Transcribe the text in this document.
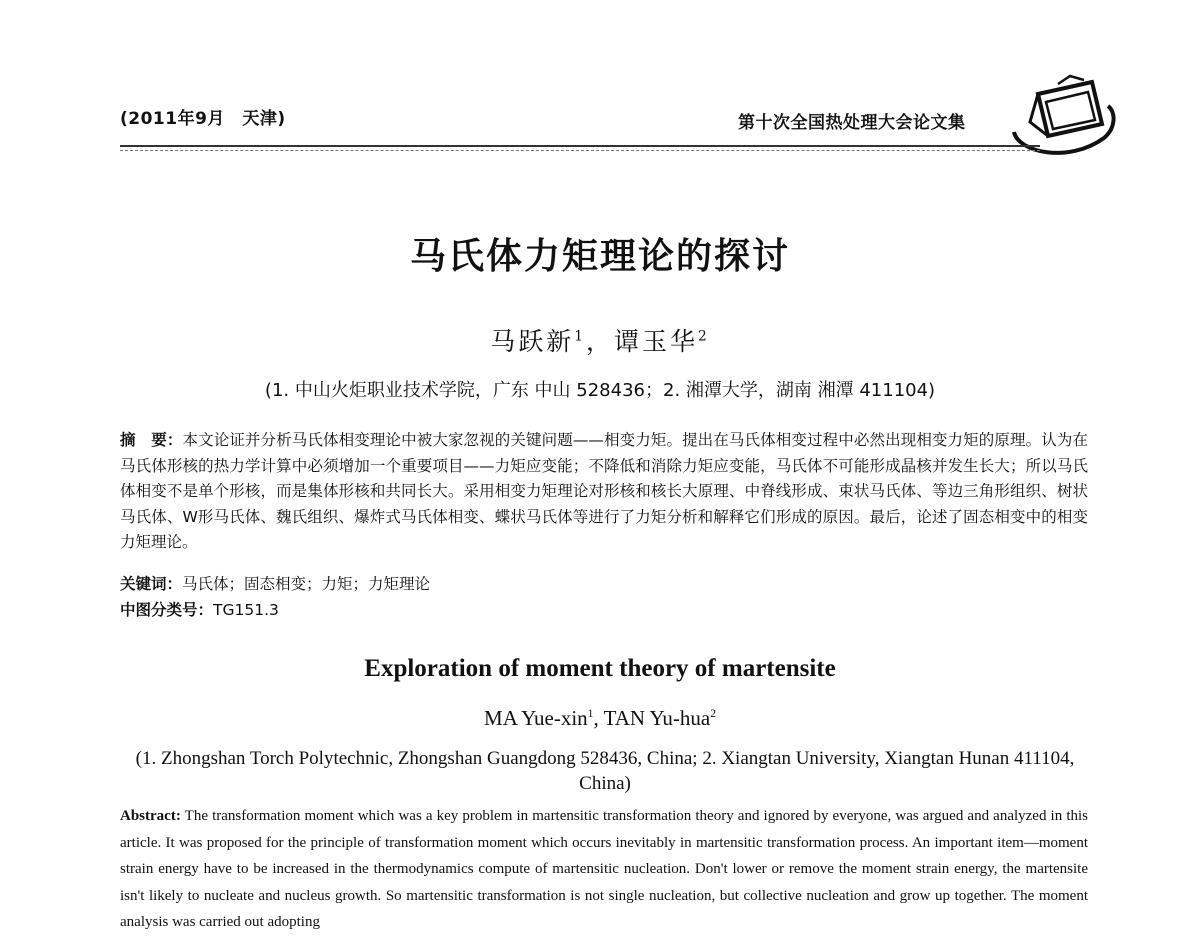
(2011年9月　天津)	第十次全国热处理大会论文集
马氏体力矩理论的探讨
马跃新$^1$，谭玉华$^2$
(1. 中山火炬职业技术学院，广东 中山 528436；2. 湘潭大学，湖南 湘潭 411104)
摘　要：本文论证并分析马氏体相变理论中被大家忽视的关键问题——相变力矩。提出在马氏体相变过程中必然出现相变力矩的原理。认为在马氏体形核的热力学计算中必须增加一个重要项目——力矩应变能；不降低和消除力矩应变能，马氏体不可能形成晶核并发生长大；所以马氏体相变不是单个形核，而是集体形核和共同长大。采用相变力矩理论对形核和核长大原理、中脊线形成、束状马氏体、等边三角形组织、树状马氏体、W形马氏体、魏氏组织、爆炸式马氏体相变、蝶状马氏体等进行了力矩分析和解释它们形成的原因。最后，论述了固态相变中的相变力矩理论。
关键词：马氏体；固态相变；力矩；力矩理论
中图分类号：TG151.3
Exploration of moment theory of martensite
MA Yue-xin$^1$, TAN Yu-hua$^2$
(1. Zhongshan Torch Polytechnic, Zhongshan Guangdong 528436, China; 2. Xiangtan University, Xiangtan Hunan 411104, China)
Abstract: The transformation moment which was a key problem in martensitic transformation theory and ignored by everyone, was argued and analyzed in this article. It was proposed for the principle of transformation moment which occurs inevitably in martensitic transformation process. An important item—moment strain energy have to be increased in the thermodynamics compute of martensitic nucleation. Don't lower or remove the moment strain energy, the martensite isn't likely to nucleate and nucleus growth. So martensitic transformation is not single nucleation, but collective nucleation and grow up together. The moment analysis was carried out adopting
